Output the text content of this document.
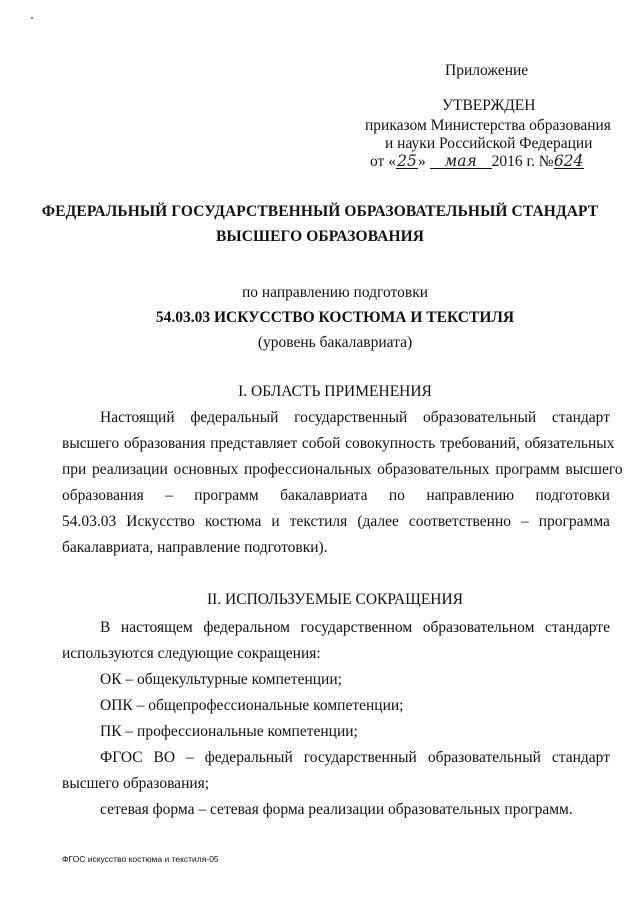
Приложение
УТВЕРЖДЕН
приказом Министерства образования
и науки Российской Федерации
от «25» мая 2016 г. №624
ФЕДЕРАЛЬНЫЙ ГОСУДАРСТВЕННЫЙ ОБРАЗОВАТЕЛЬНЫЙ СТАНДАРТ
ВЫСШЕГО ОБРАЗОВАНИЯ
по направлению подготовки
54.03.03 ИСКУССТВО КОСТЮМА И ТЕКСТИЛЯ
(уровень бакалавриата)
I. ОБЛАСТЬ ПРИМЕНЕНИЯ
Настоящий федеральный государственный образовательный стандарт
высшего образования представляет собой совокупность требований, обязательных
при реализации основных профессиональных образовательных программ высшего
образования – программ бакалавриата по направлению подготовки
54.03.03 Искусство костюма и текстиля (далее соответственно – программа
бакалавриата, направление подготовки).
II. ИСПОЛЬЗУЕМЫЕ СОКРАЩЕНИЯ
В настоящем федеральном государственном образовательном стандарте
используются следующие сокращения:
ОК – общекультурные компетенции;
ОПК – общепрофессиональные компетенции;
ПК – профессиональные компетенции;
ФГОС ВО – федеральный государственный образовательный стандарт
высшего образования;
сетевая форма – сетевая форма реализации образовательных программ.
ФГОС искусство костюма и текстиля-05
